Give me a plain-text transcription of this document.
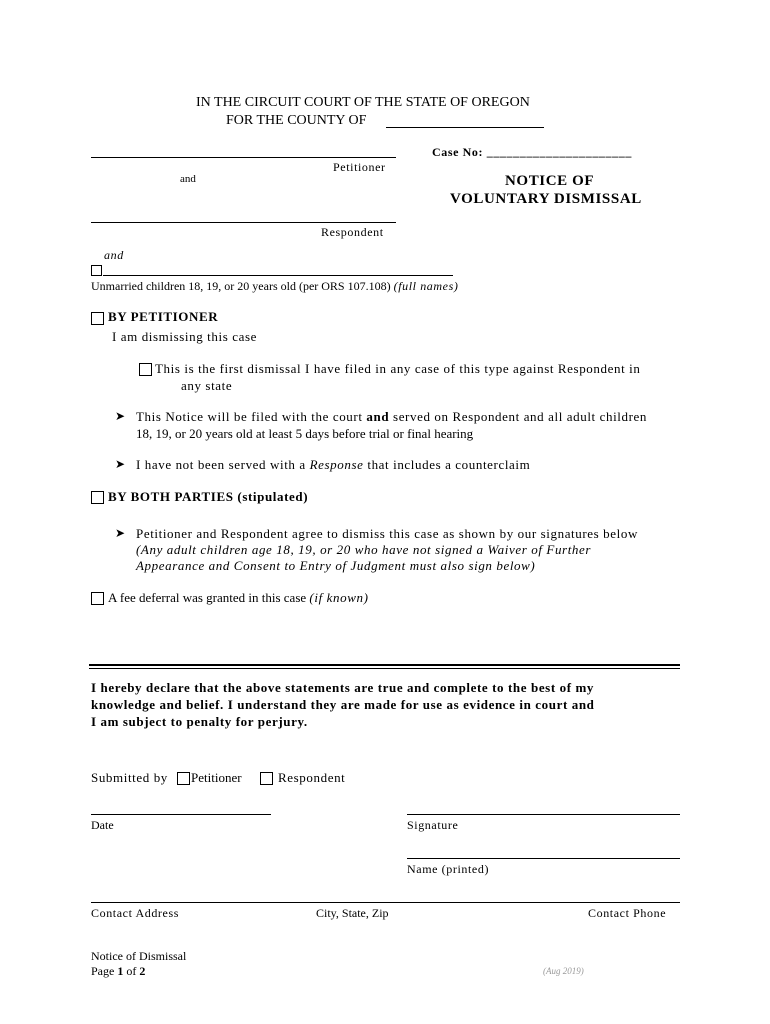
IN THE CIRCUIT COURT OF THE STATE OF OREGON
FOR THE COUNTY OF
Petitioner
and
Case No: ______________________
NOTICE OF
VOLUNTARY DISMISSAL
Respondent
and
Unmarried children 18, 19, or 20 years old (per ORS 107.108) (full names)
BY PETITIONER
I am dismissing this case
This is the first dismissal I have filed in any case of this type against Respondent in
any state
➤ This Notice will be filed with the court and served on Respondent and all adult children
18, 19, or 20 years old at least 5 days before trial or final hearing
➤ I have not been served with a Response that includes a counterclaim
BY BOTH PARTIES (stipulated)
➤ Petitioner and Respondent agree to dismiss this case as shown by our signatures below
(Any adult children age 18, 19, or 20 who have not signed a Waiver of Further
Appearance and Consent to Entry of Judgment must also sign below)
A fee deferral was granted in this case (if known)
I hereby declare that the above statements are true and complete to the best of my
knowledge and belief. I understand they are made for use as evidence in court and
I am subject to penalty for perjury.
Submitted by Petitioner	Respondent
Date	Signature
Name (printed)
Contact Address	City, State, Zip	Contact Phone
Notice of Dismissal
Page 1 of 2	(Aug 2019)
